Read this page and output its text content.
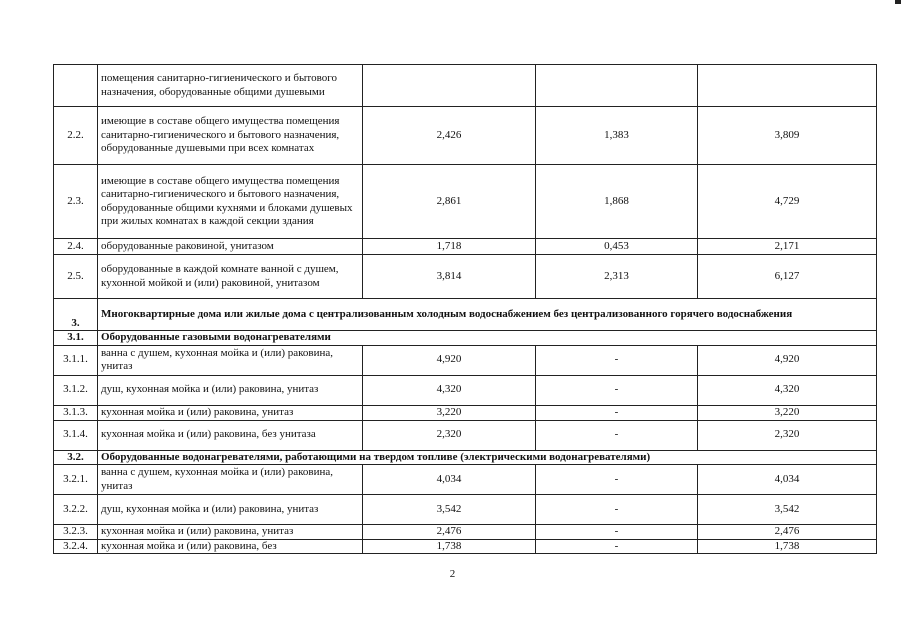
	помещения санитарно-гигиенического и бытового назначения, оборудованные общими душевыми			
2.2.	имеющие в составе общего имущества помещения санитарно-гигиенического и бытового назначения, оборудованные душевыми при всех комнатах	2,426	1,383	3,809
2.3.	имеющие в составе общего имущества помещения санитарно-гигиенического и бытового назначения, оборудованные общими кухнями и блоками душевых при жилых комнатах в каждой секции здания	2,861	1,868	4,729
2.4.	оборудованные раковиной, унитазом	1,718	0,453	2,171
2.5.	оборудованные в каждой комнате ванной с душем, кухонной мойкой и (или) раковиной, унитазом	3,814	2,313	6,127
3.	Многоквартирные дома или жилые дома с централизованным холодным водоснабжением без централизованного горячего водоснабжения			
3.1.	Оборудованные газовыми водонагревателями			
3.1.1.	ванна с душем, кухонная мойка и (или) раковина, унитаз	4,920	-	4,920
3.1.2.	душ, кухонная мойка и (или) раковина, унитаз	4,320	-	4,320
3.1.3.	кухонная мойка и (или) раковина, унитаз	3,220	-	3,220
3.1.4.	кухонная мойка и (или) раковина, без унитаза	2,320	-	2,320
3.2.	Оборудованные водонагревателями, работающими на твердом топливе (электрическими водонагревателями)			
3.2.1.	ванна с душем, кухонная мойка и (или) раковина, унитаз	4,034	-	4,034
3.2.2.	душ, кухонная мойка и (или) раковина, унитаз	3,542	-	3,542
3.2.3.	кухонная мойка и (или) раковина, унитаз	2,476	-	2,476
3.2.4.	кухонная мойка и (или) раковина, без	1,738	-	1,738
2
